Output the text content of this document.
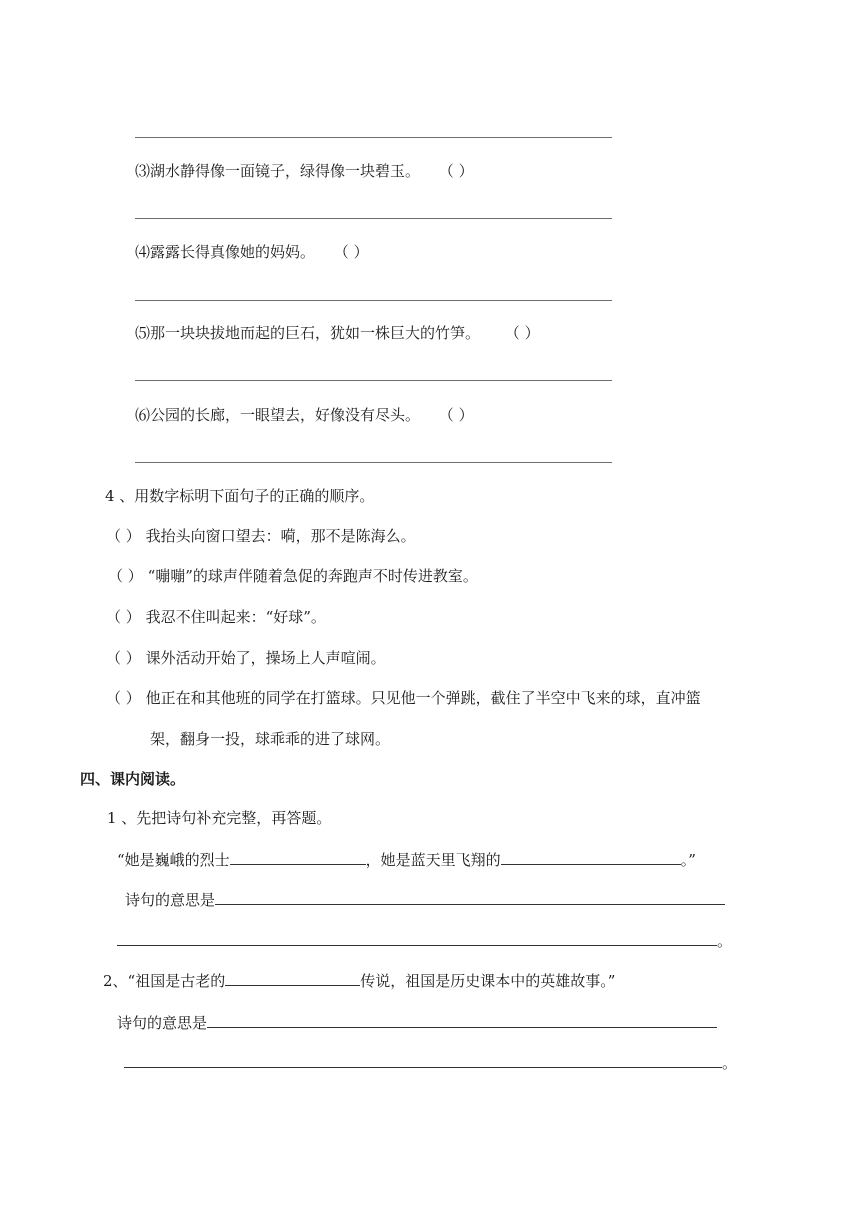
⑶湖水静得像一面镜子，绿得像一块碧玉。 （ ）
⑷露露长得真像她的妈妈。 （ ）
⑸那一块块拔地而起的巨石，犹如一株巨大的竹笋。 （ ）
⑹公园的长廊，一眼望去，好像没有尽头。 （ ）
4 、用数字标明下面句子的正确的顺序。
（ ） 我抬头向窗口望去：嗬，那不是陈海么。
（ ） “嘣嘣”的球声伴随着急促的奔跑声不时传进教室。
（ ） 我忍不住叫起来：“好球”。
（ ） 课外活动开始了，操场上人声喧闹。
（ ） 他正在和其他班的同学在打篮球。只见他一个弹跳，截住了半空中飞来的球，直冲篮
架，翻身一投，球乖乖的进了球网。
四、课内阅读。
1 、先把诗句补充完整，再答题。
“她是巍峨的烈士	，她是蓝天里飞翔的	。”
诗句的意思是
。
2、“祖国是古老的	传说，祖国是历史课本中的英雄故事。”
诗句的意思是
。
